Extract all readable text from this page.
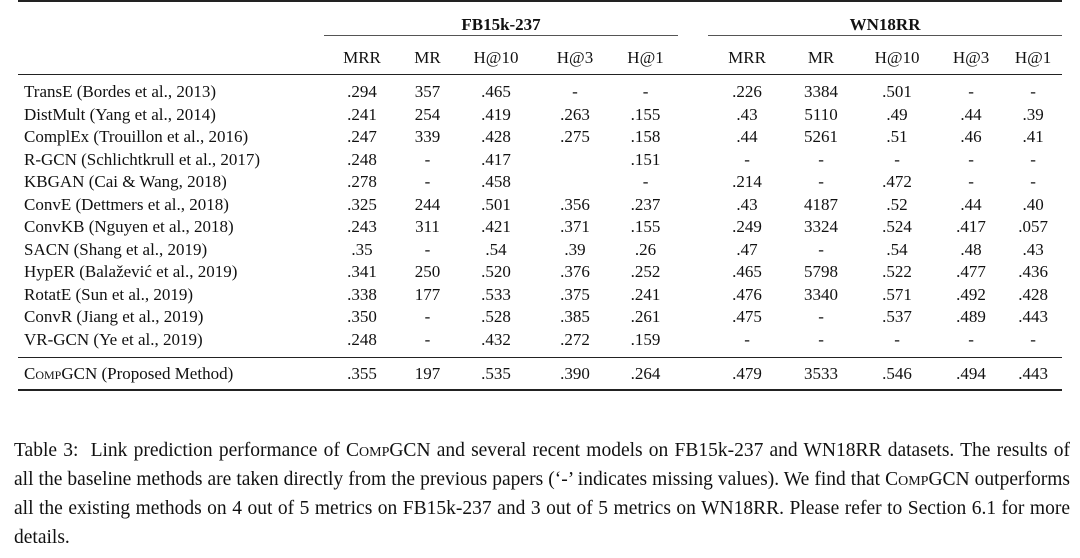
	FB15k-237						WN18RR				

	MRR	MR	H@10	H@3	H@1		MRR	MR	H@10	H@3	H@1
TransE (Bordes et al., 2013)	.294	357	.465	-	-		.226	3384	.501	-	-
DistMult (Yang et al., 2014)	.241	254	.419	.263	.155		.43	5110	.49	.44	.39
ComplEx (Trouillon et al., 2016)	.247	339	.428	.275	.158		.44	5261	.51	.46	.41
R-GCN (Schlichtkrull et al., 2017)	.248	-	.417		.151		-	-	-	-	-
KBGAN (Cai & Wang, 2018)	.278	-	.458		-		.214	-	.472	-	-
ConvE (Dettmers et al., 2018)	.325	244	.501	.356	.237		.43	4187	.52	.44	.40
ConvKB (Nguyen et al., 2018)	.243	311	.421	.371	.155		.249	3324	.524	.417	.057
SACN (Shang et al., 2019)	.35	-	.54	.39	.26		.47	-	.54	.48	.43
HypER (Balažević et al., 2019)	.341	250	.520	.376	.252		.465	5798	.522	.477	.436
RotatE (Sun et al., 2019)	.338	177	.533	.375	.241		.476	3340	.571	.492	.428
ConvR (Jiang et al., 2019)	.350	-	.528	.385	.261		.475	-	.537	.489	.443
VR-GCN (Ye et al., 2019)	.248	-	.432	.272	.159		-	-	-	-	-
CompGCN (Proposed Method)	.355	197	.535	.390	.264		.479	3533	.546	.494	.443
Table 3: Link prediction performance of CompGCN and several recent models on FB15k-237 and WN18RR datasets. The results of all the baseline methods are taken directly from the previous papers (‘-’ indicates missing values). We find that CompGCN outperforms all the existing methods on 4 out of 5 metrics on FB15k-237 and 3 out of 5 metrics on WN18RR. Please refer to Section 6.1 for more details.
